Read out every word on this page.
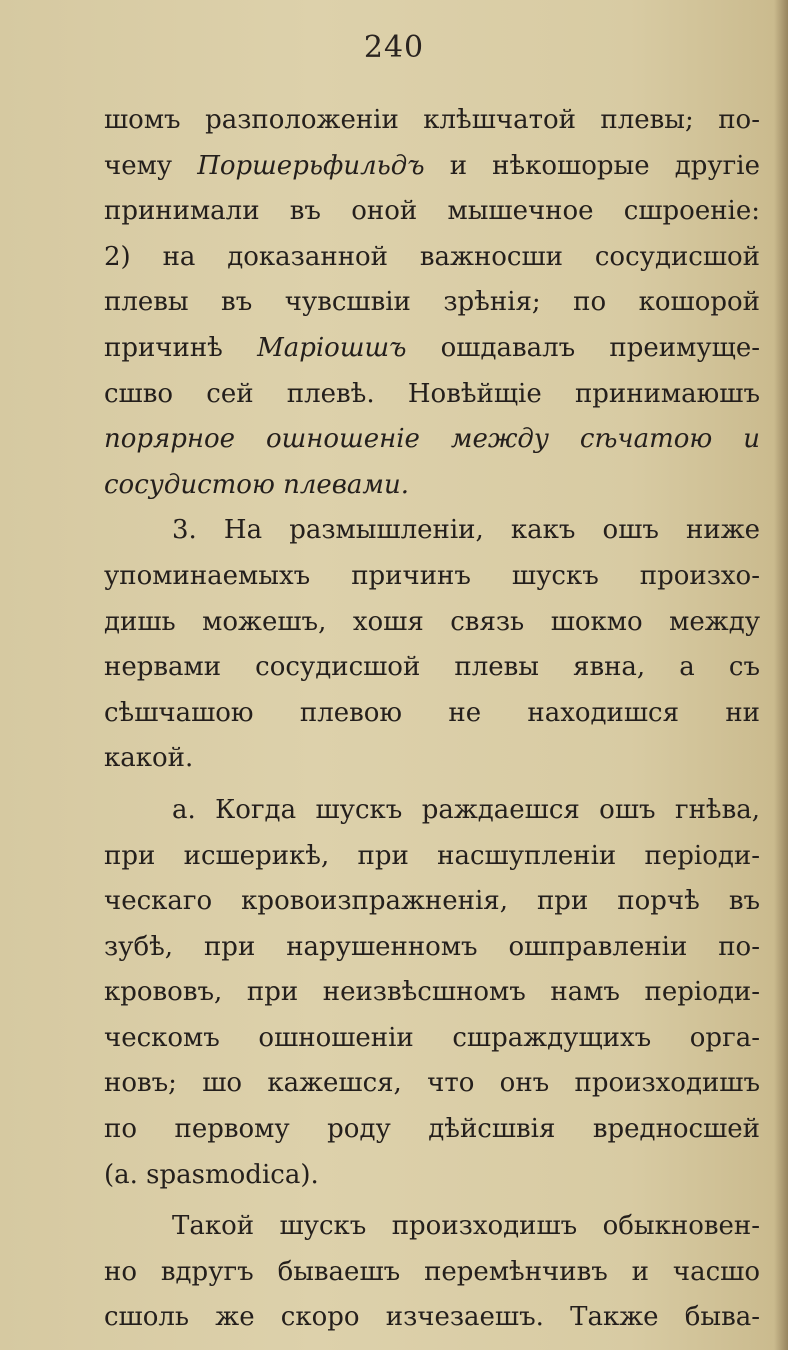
240
шомъ разположенiи клѣшчатой плевы; по-
чему Поршерьфильдъ и нѣкошорые другiе
принимали въ оной мышечное сшроенiе:
2) на доказанной важносши сосудисшой
плевы въ чувсшвiи зрѣнiя; по кошорой
причинѣ Марiошшъ ошдавалъ преимуще-
сшво сей плевѣ. Новѣйщiе принимаюшъ
порярное ошношенiе между сѣчатою и
сосудистою плевами.
3. На размышленiи, какъ ошъ ниже
упоминаемыхъ причинъ шускъ произхо-
дишь можешъ, хошя связь шокмо между
нервами сосудисшой плевы явна, а съ
сѣшчашою плевою не находишся ни
какой.
а. Когда шускъ раждаешся ошъ гнѣва,
при исшерикѣ, при насшупленiи перiоди-
ческаго кровоизпражненiя, при порчѣ въ
зубѣ, при нарушенномъ ошправленiи по-
крововъ, при неизвѣсшномъ намъ перiоди-
ческомъ ошношенiи сшраждущихъ орга-
новъ; шо кажешся, что онъ произходишъ
по первому роду дѣйсшвiя вредносшей
(a. spasmodica).
Такой шускъ произходишъ обыкновен-
но вдругъ бываешъ перемѣнчивъ и часшо
сшоль же скоро изчезаешъ. Также быва-
